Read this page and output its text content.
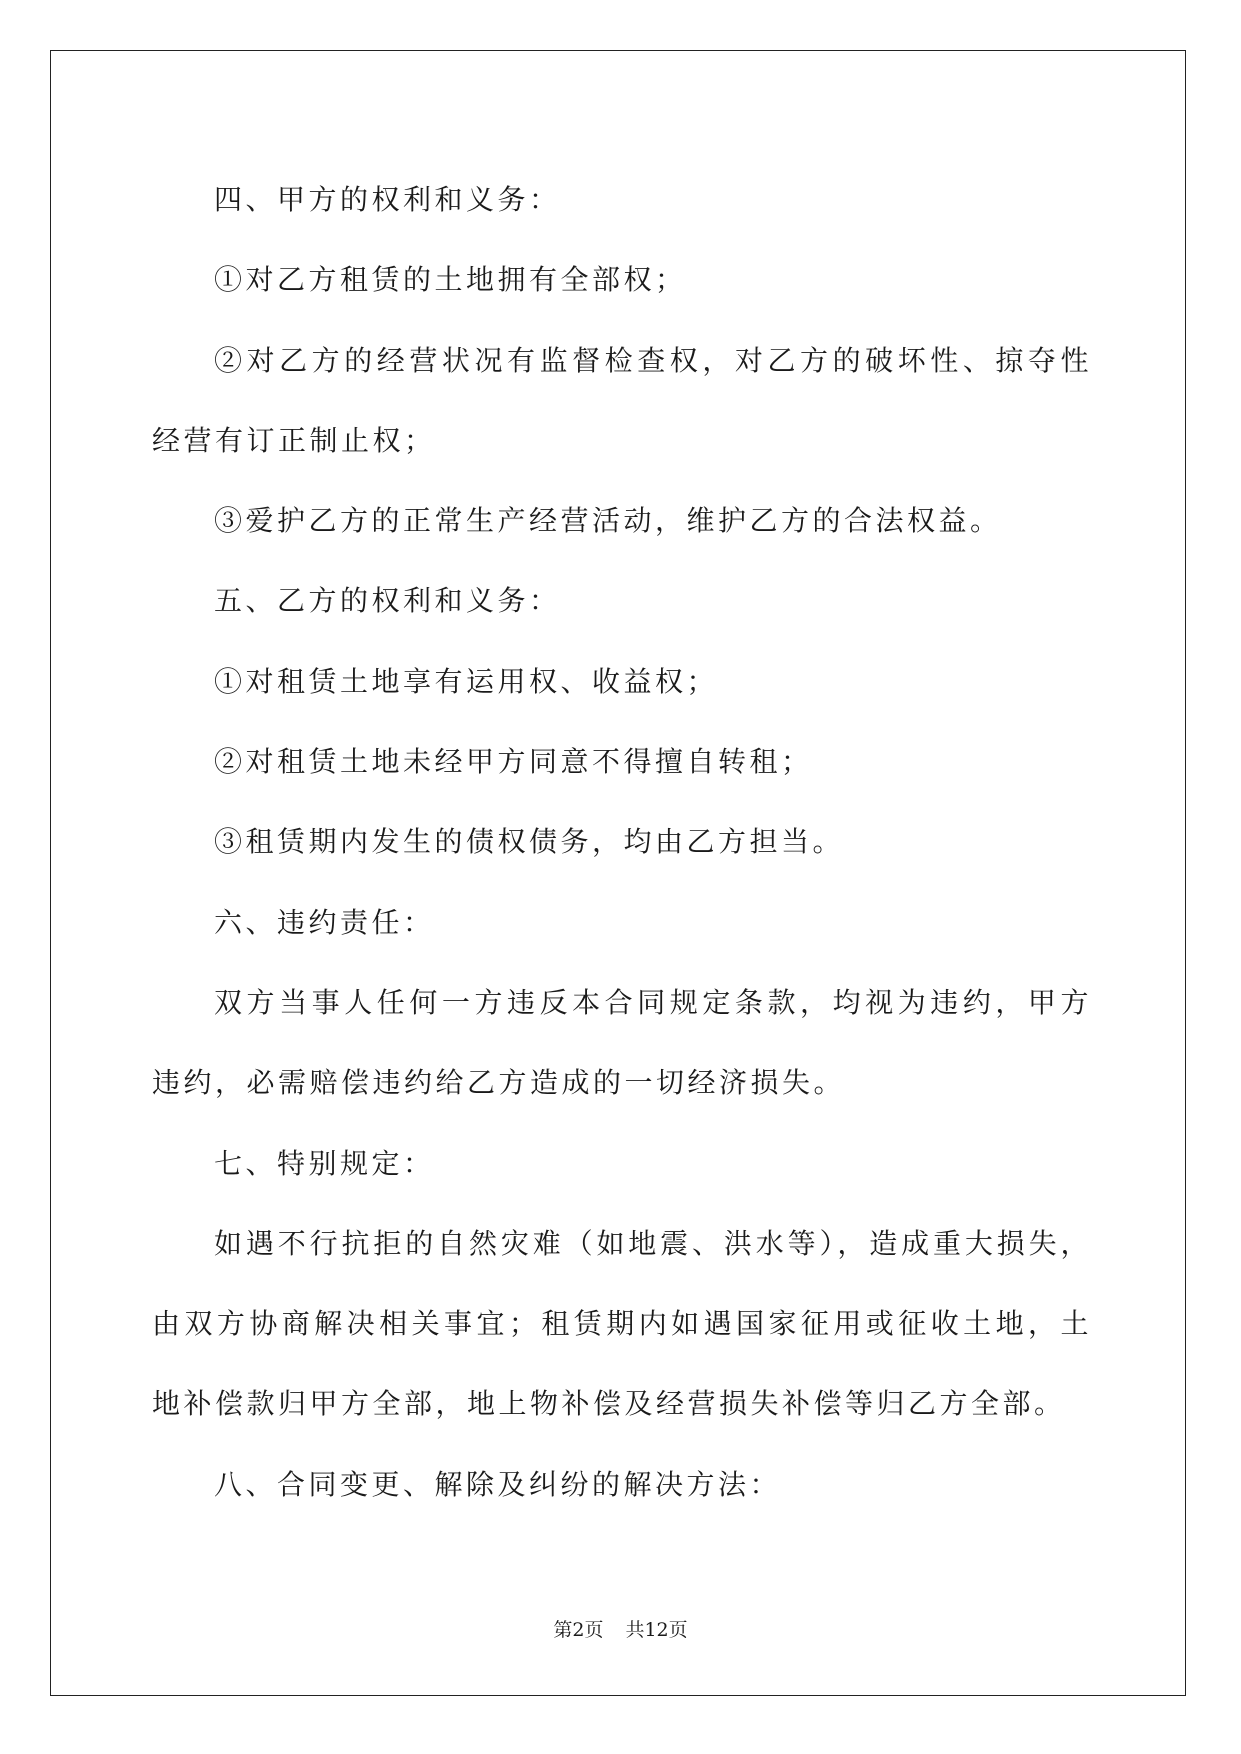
四、甲方的权利和义务：

①对乙方租赁的土地拥有全部权；

②对乙方的经营状况有监督检查权，对乙方的破坏性、掠夺性经营有订正制止权；

③爱护乙方的正常生产经营活动，维护乙方的合法权益。

五、乙方的权利和义务：

①对租赁土地享有运用权、收益权；

②对租赁土地未经甲方同意不得擅自转租；

③租赁期内发生的债权债务，均由乙方担当。

六、违约责任：

双方当事人任何一方违反本合同规定条款，均视为违约，甲方违约，必需赔偿违约给乙方造成的一切经济损失。

七、特别规定：

如遇不行抗拒的自然灾难（如地震、洪水等），造成重大损失，由双方协商解决相关事宜；租赁期内如遇国家征用或征收土地，土地补偿款归甲方全部，地上物补偿及经营损失补偿等归乙方全部。

八、合同变更、解除及纠纷的解决方法：

第2页 共12页
